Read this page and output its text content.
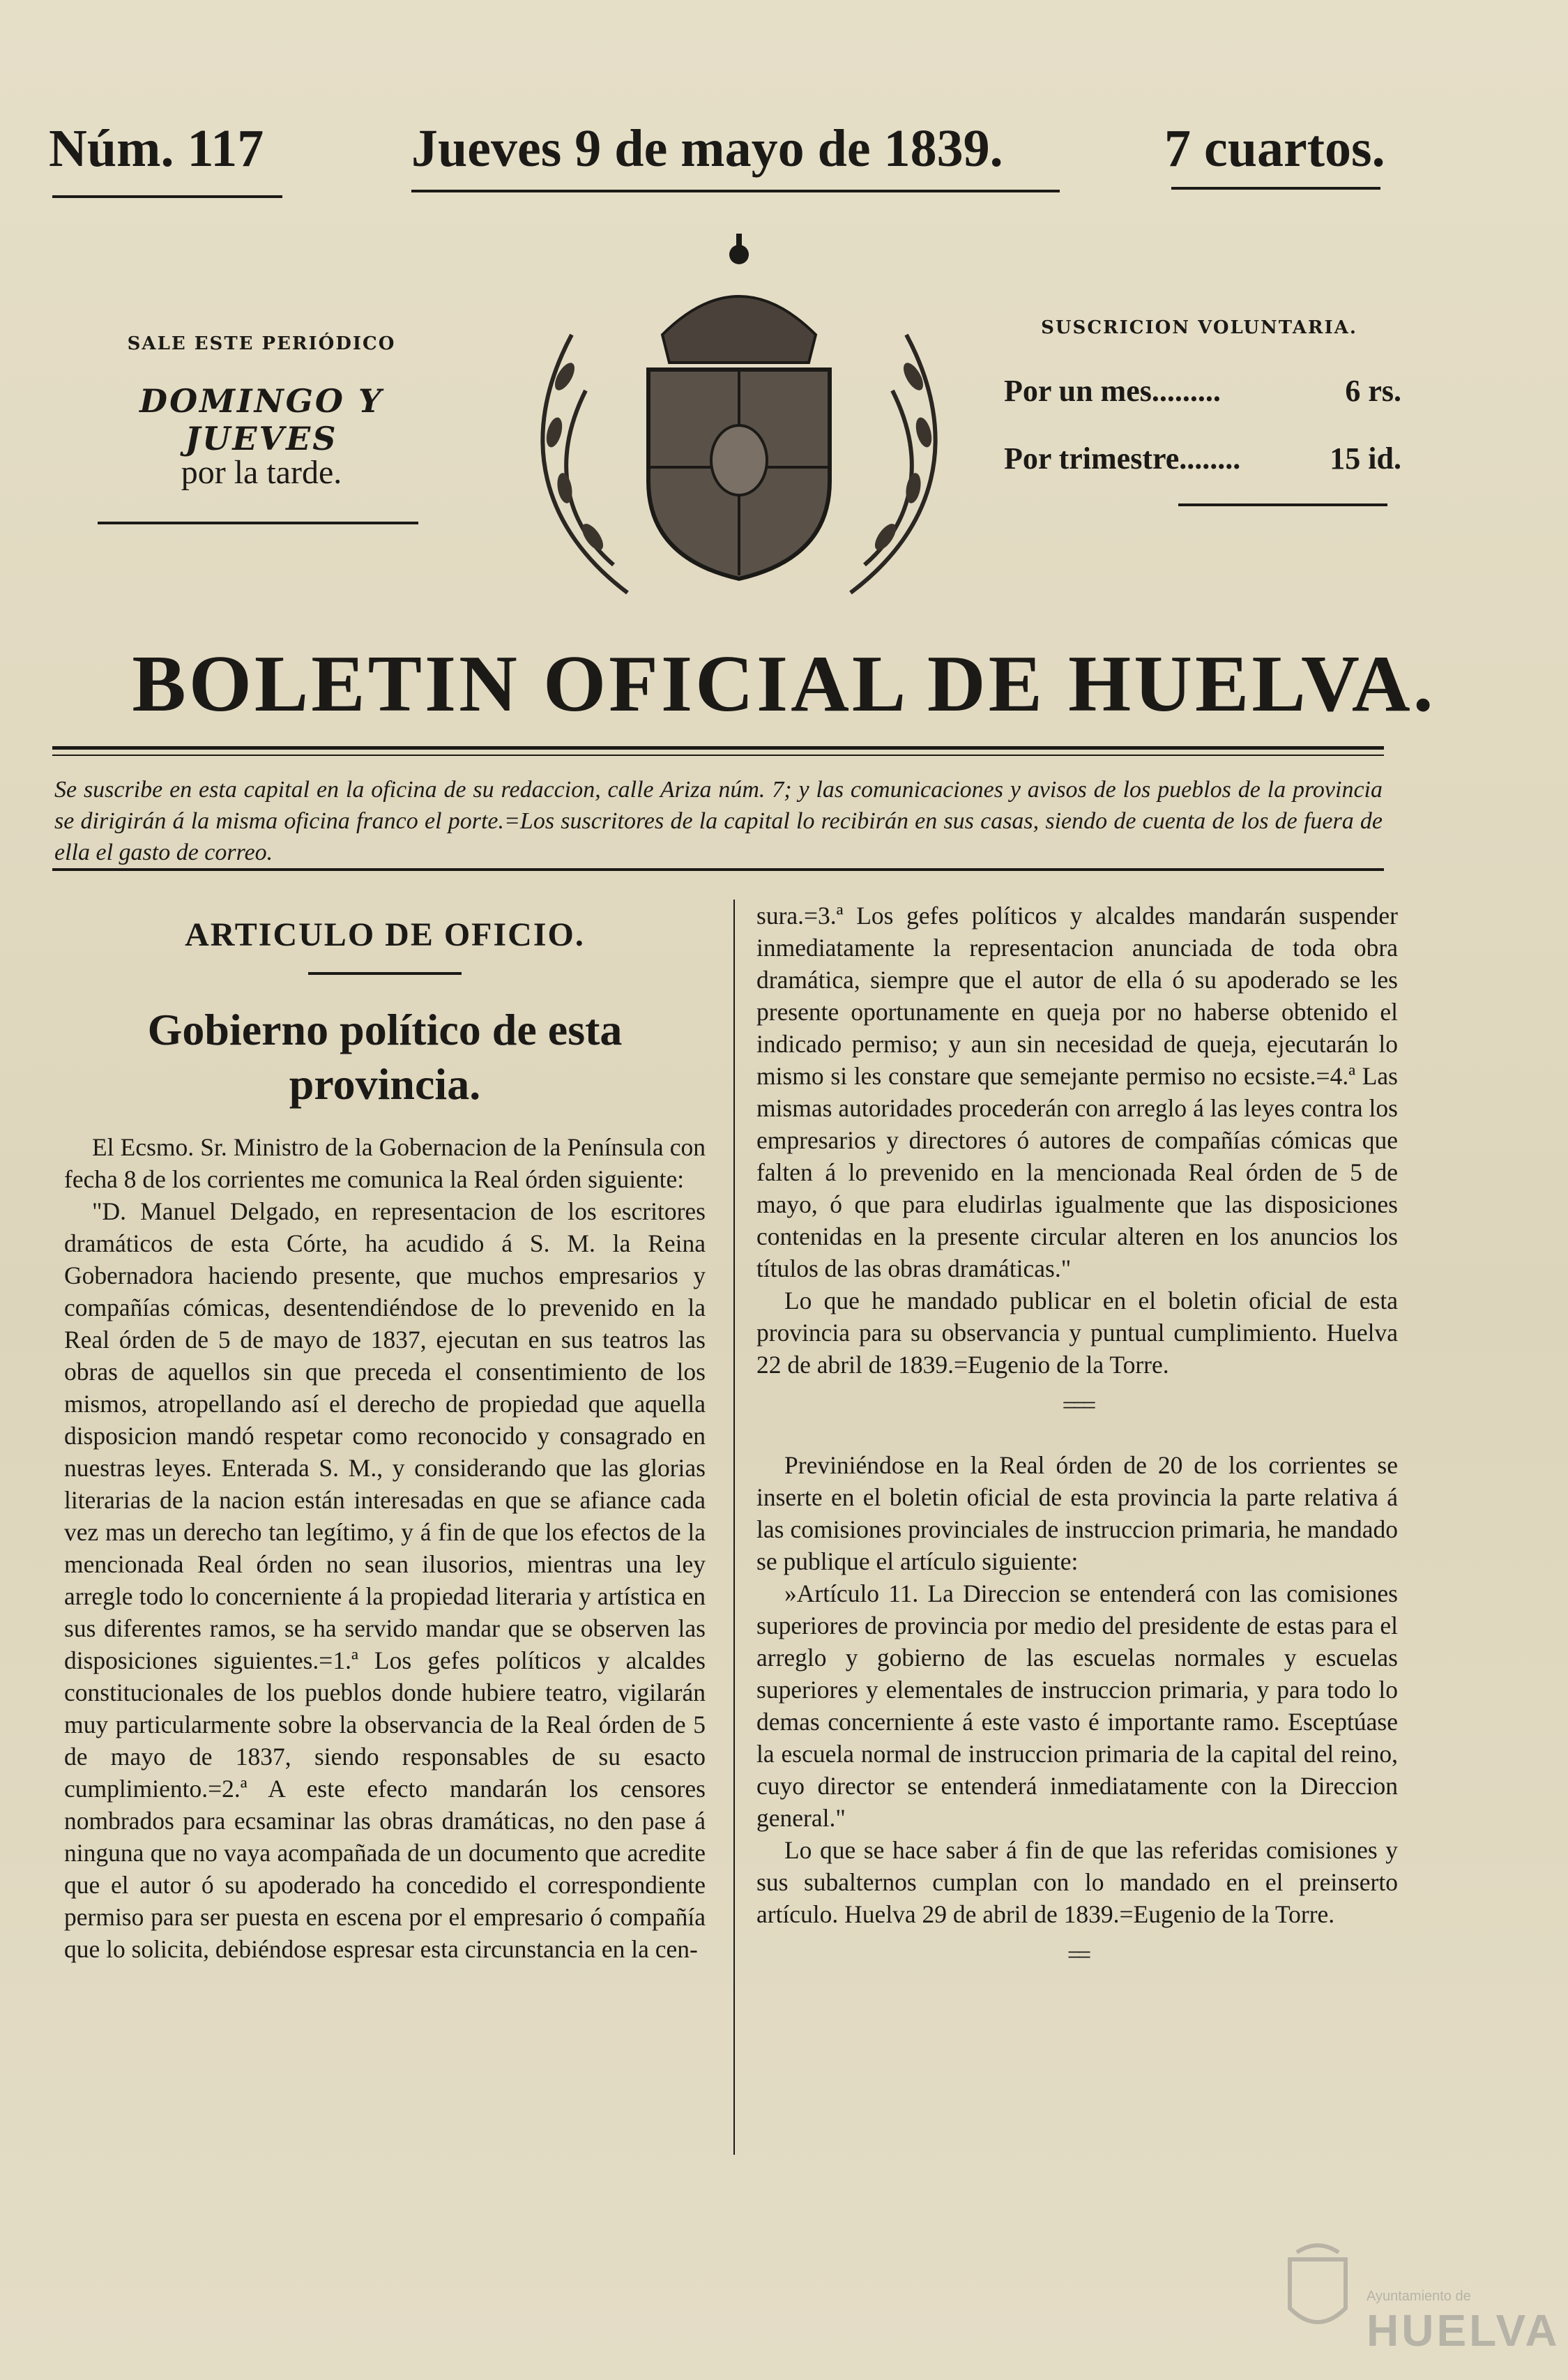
Núm. 117	Jueves 9 de mayo de 1839.	7 cuartos.
SALE ESTE PERIÓDICO
DOMINGO Y JUEVES
por la tarde.
SUSCRICION VOLUNTARIA.
Por un mes.........	6 rs.
Por trimestre........	15 id.
BOLETIN OFICIAL DE HUELVA.
Se suscribe en esta capital en la oficina de su redaccion, calle Ariza núm. 7; y las comunicaciones y avisos de los pueblos de la provincia se dirigirán á la misma oficina franco el porte.=Los suscritores de la capital lo recibirán en sus casas, siendo de cuenta de los de fuera de ella el gasto de correo.
ARTICULO DE OFICIO.
Gobierno político de esta provincia.

El Ecsmo. Sr. Ministro de la Gobernacion de la Península con fecha 8 de los corrientes me comunica la Real órden siguiente:

"D. Manuel Delgado, en representacion de los escritores dramáticos de esta Córte, ha acudido á S. M. la Reina Gobernadora haciendo presente, que muchos empresarios y compañías cómicas, desentendiéndose de lo prevenido en la Real órden de 5 de mayo de 1837, ejecutan en sus teatros las obras de aquellos sin que preceda el consentimiento de los mismos, atropellando así el derecho de propiedad que aquella disposicion mandó respetar como reconocido y consagrado en nuestras leyes. Enterada S. M., y considerando que las glorias literarias de la nacion están interesadas en que se afiance cada vez mas un derecho tan legítimo, y á fin de que los efectos de la mencionada Real órden no sean ilusorios, mientras una ley arregle todo lo concerniente á la propiedad literaria y artística en sus diferentes ramos, se ha servido mandar que se observen las disposiciones siguientes.=1.ª Los gefes políticos y alcaldes constitucionales de los pueblos donde hubiere teatro, vigilarán muy particularmente sobre la observancia de la Real órden de 5 de mayo de 1837, siendo responsables de su esacto cumplimiento.=2.ª A este efecto mandarán los censores nombrados para ecsaminar las obras dramáticas, no den pase á ninguna que no vaya acompañada de un documento que acredite que el autor ó su apoderado ha concedido el correspondiente permiso para ser puesta en escena por el empresario ó compañía que lo solicita, debiéndose espresar esta circunstancia en la cen-

sura.=3.ª Los gefes políticos y alcaldes mandarán suspender inmediatamente la representacion anunciada de toda obra dramática, siempre que el autor de ella ó su apoderado se les presente oportunamente en queja por no haberse obtenido el indicado permiso; y aun sin necesidad de queja, ejecutarán lo mismo si les constare que semejante permiso no ecsiste.=4.ª Las mismas autoridades procederán con arreglo á las leyes contra los empresarios y directores ó autores de compañías cómicas que falten á lo prevenido en la mencionada Real órden de 5 de mayo, ó que para eludirlas igualmente que las disposiciones contenidas en la presente circular alteren en los anuncios los títulos de las obras dramáticas."

Lo que he mandado publicar en el boletin oficial de esta provincia para su observancia y puntual cumplimiento. Huelva 22 de abril de 1839.=Eugenio de la Torre.

===

Previniéndose en la Real órden de 20 de los corrientes se inserte en el boletin oficial de esta provincia la parte relativa á las comisiones provinciales de instruccion primaria, he mandado se publique el artículo siguiente:

»Artículo 11. La Direccion se entenderá con las comisiones superiores de provincia por medio del presidente de estas para el arreglo y gobierno de las escuelas normales y escuelas superiores y elementales de instruccion primaria, y para todo lo demas concerniente á este vasto é importante ramo. Esceptúase la escuela normal de instruccion primaria de la capital del reino, cuyo director se entenderá inmediatamente con la Direccion general."

Lo que se hace saber á fin de que las referidas comisiones y sus subalternos cumplan con lo mandado en el preinserto artículo. Huelva 29 de abril de 1839.=Eugenio de la Torre.

==
Ayuntamiento de
HUELVA
